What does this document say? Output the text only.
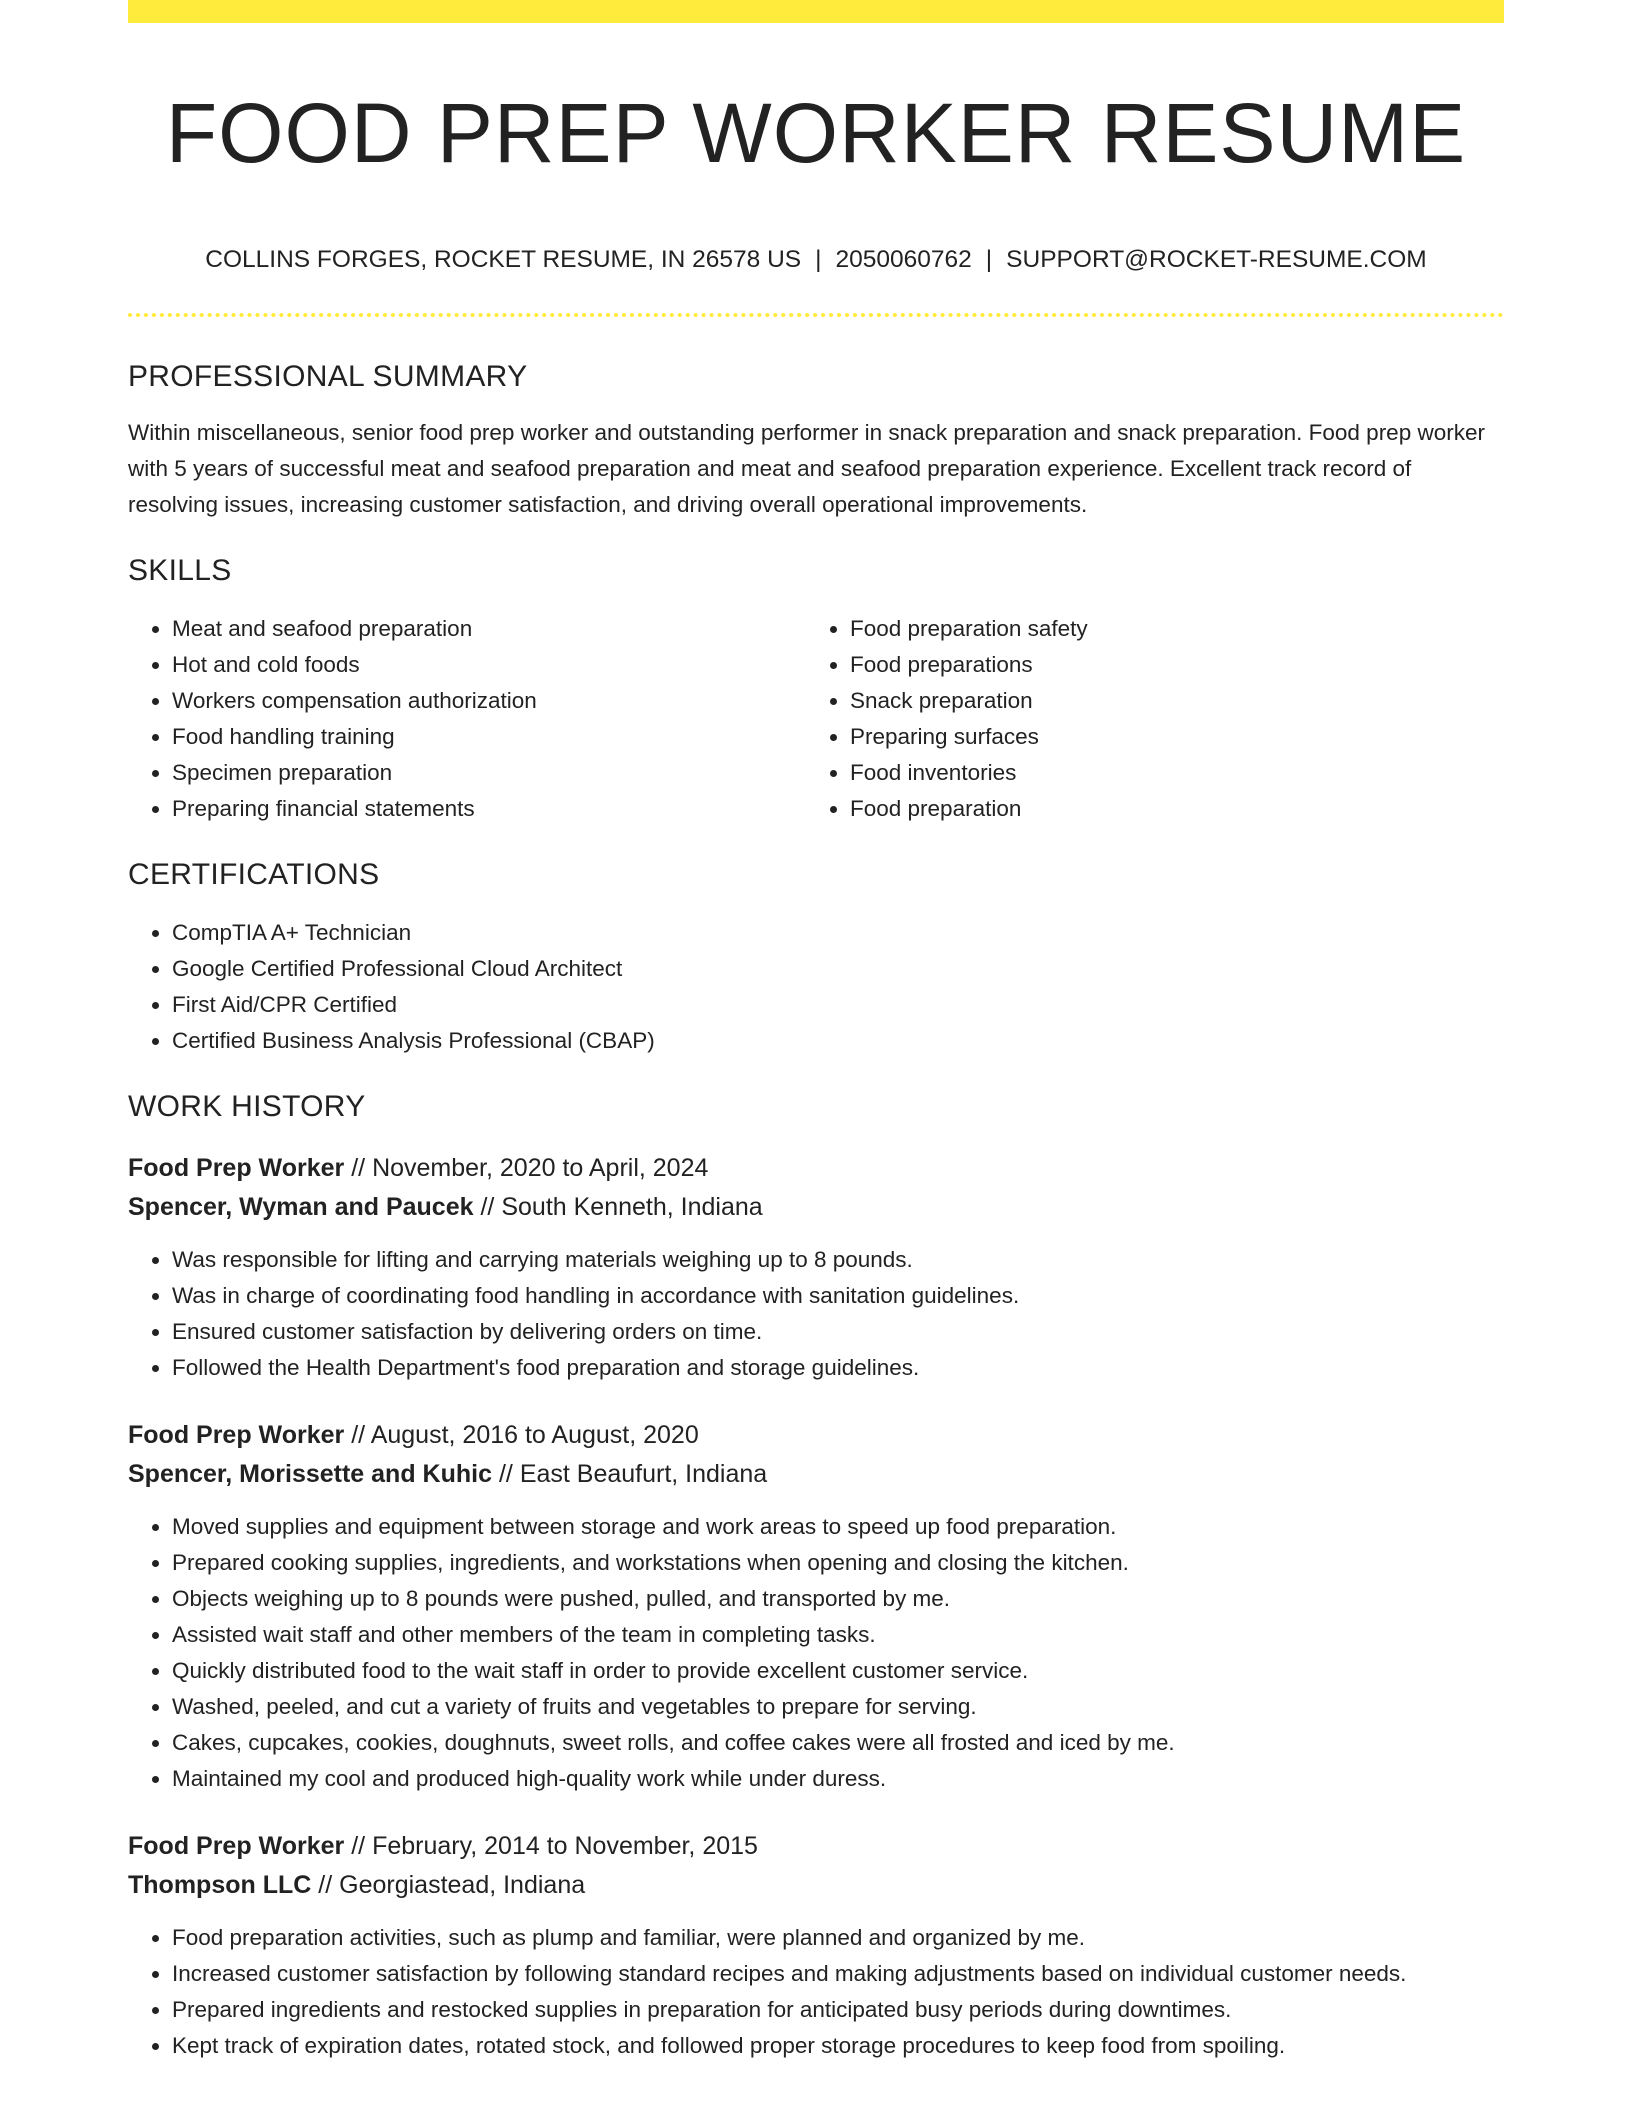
FOOD PREP WORKER RESUME
COLLINS FORGES, ROCKET RESUME, IN 26578 US | 2050060762 | SUPPORT@ROCKET-RESUME.COM
PROFESSIONAL SUMMARY
Within miscellaneous, senior food prep worker and outstanding performer in snack preparation and snack preparation. Food prep worker with 5 years of successful meat and seafood preparation and meat and seafood preparation experience. Excellent track record of resolving issues, increasing customer satisfaction, and driving overall operational improvements.
SKILLS
• Meat and seafood preparation
• Hot and cold foods
• Workers compensation authorization
• Food handling training
• Specimen preparation
• Preparing financial statements
• Food preparation safety
• Food preparations
• Snack preparation
• Preparing surfaces
• Food inventories
• Food preparation
CERTIFICATIONS
• CompTIA A+ Technician
• Google Certified Professional Cloud Architect
• First Aid/CPR Certified
• Certified Business Analysis Professional (CBAP)
WORK HISTORY
Food Prep Worker // November, 2020 to April, 2024
Spencer, Wyman and Paucek // South Kenneth, Indiana
• Was responsible for lifting and carrying materials weighing up to 8 pounds.
• Was in charge of coordinating food handling in accordance with sanitation guidelines.
• Ensured customer satisfaction by delivering orders on time.
• Followed the Health Department's food preparation and storage guidelines.
Food Prep Worker // August, 2016 to August, 2020
Spencer, Morissette and Kuhic // East Beaufurt, Indiana
• Moved supplies and equipment between storage and work areas to speed up food preparation.
• Prepared cooking supplies, ingredients, and workstations when opening and closing the kitchen.
• Objects weighing up to 8 pounds were pushed, pulled, and transported by me.
• Assisted wait staff and other members of the team in completing tasks.
• Quickly distributed food to the wait staff in order to provide excellent customer service.
• Washed, peeled, and cut a variety of fruits and vegetables to prepare for serving.
• Cakes, cupcakes, cookies, doughnuts, sweet rolls, and coffee cakes were all frosted and iced by me.
• Maintained my cool and produced high-quality work while under duress.
Food Prep Worker // February, 2014 to November, 2015
Thompson LLC // Georgiastead, Indiana
• Food preparation activities, such as plump and familiar, were planned and organized by me.
• Increased customer satisfaction by following standard recipes and making adjustments based on individual customer needs.
• Prepared ingredients and restocked supplies in preparation for anticipated busy periods during downtimes.
• Kept track of expiration dates, rotated stock, and followed proper storage procedures to keep food from spoiling.
